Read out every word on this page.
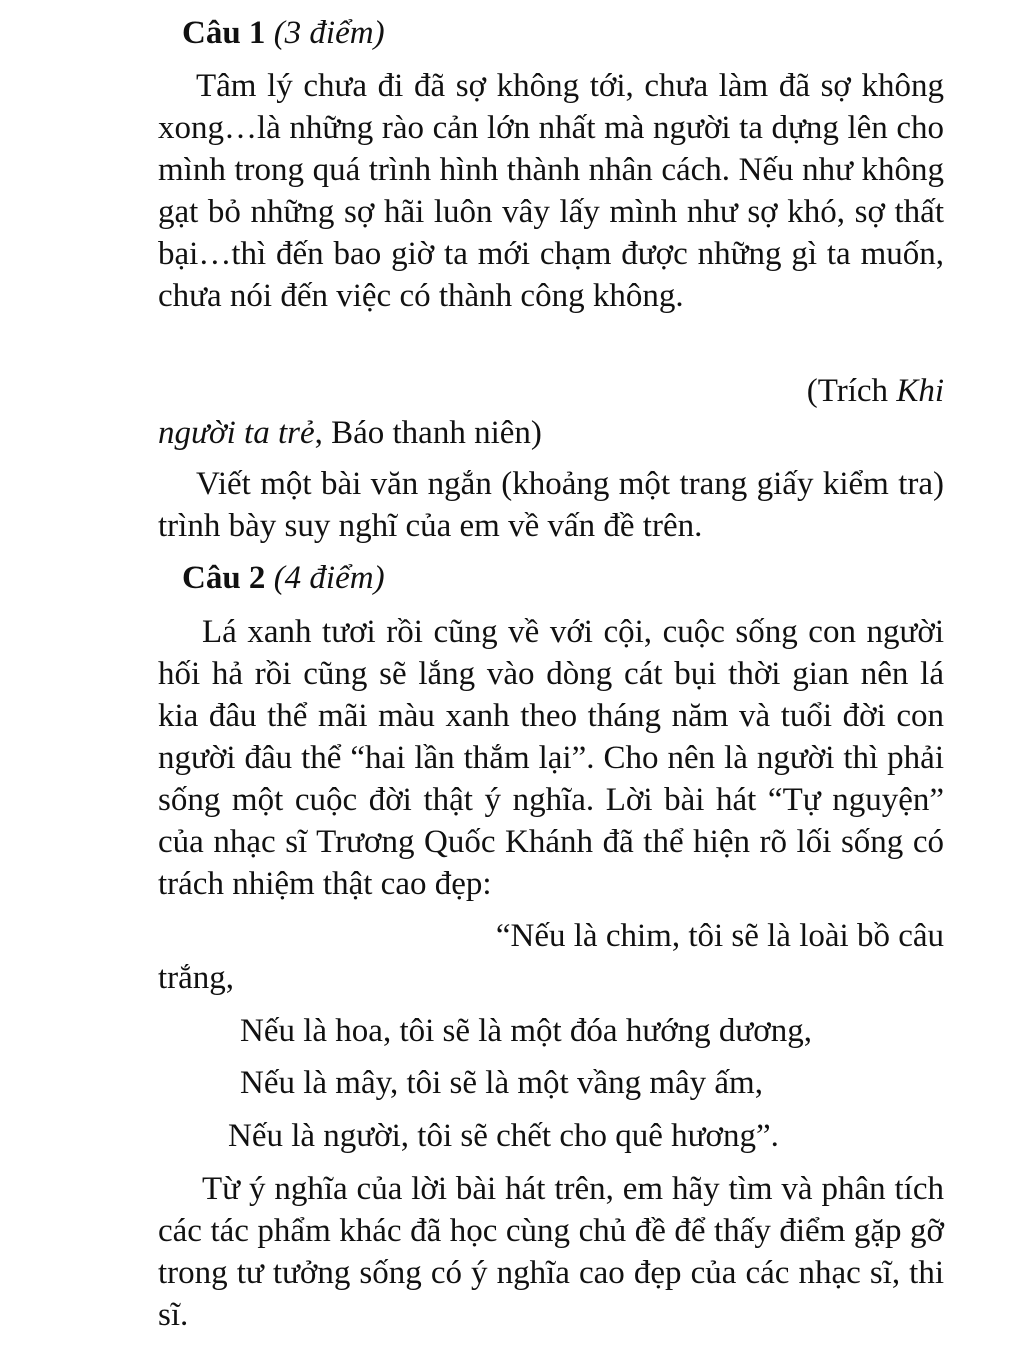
Câu 1 (3 điểm)
Tâm lý chưa đi đã sợ không tới, chưa làm đã sợ không xong…là những rào cản lớn nhất mà người ta dựng lên cho mình trong quá trình hình thành nhân cách. Nếu như không gạt bỏ những sợ hãi luôn vây lấy mình như sợ khó, sợ thất bại…thì đến bao giờ ta mới chạm được những gì ta muốn, chưa nói đến việc có thành công không.
(Trích Khi
người ta trẻ, Báo thanh niên)
Viết một bài văn ngắn (khoảng một trang giấy kiểm tra) trình bày suy nghĩ của em về vấn đề trên.
Câu 2 (4 điểm)
Lá xanh tươi rồi cũng về với cội, cuộc sống con người hối hả rồi cũng sẽ lắng vào dòng cát bụi thời gian nên lá kia đâu thể mãi màu xanh theo tháng năm và tuổi đời con người đâu thể “hai lần thắm lại”. Cho nên là người thì phải sống một cuộc đời thật ý nghĩa. Lời bài hát “Tự nguyện” của nhạc sĩ Trương Quốc Khánh đã thể hiện rõ lối sống có trách nhiệm thật cao đẹp:
“Nếu là chim, tôi sẽ là loài bồ câu
trắng,
Nếu là hoa, tôi sẽ là một đóa hướng dương,
Nếu là mây, tôi sẽ là một vầng mây ấm,
Nếu là người, tôi sẽ chết cho quê hương”.
Từ ý nghĩa của lời bài hát trên, em hãy tìm và phân tích các tác phẩm khác đã học cùng chủ đề để thấy điểm gặp gỡ trong tư tưởng sống có ý nghĩa cao đẹp của các nhạc sĩ, thi sĩ.
